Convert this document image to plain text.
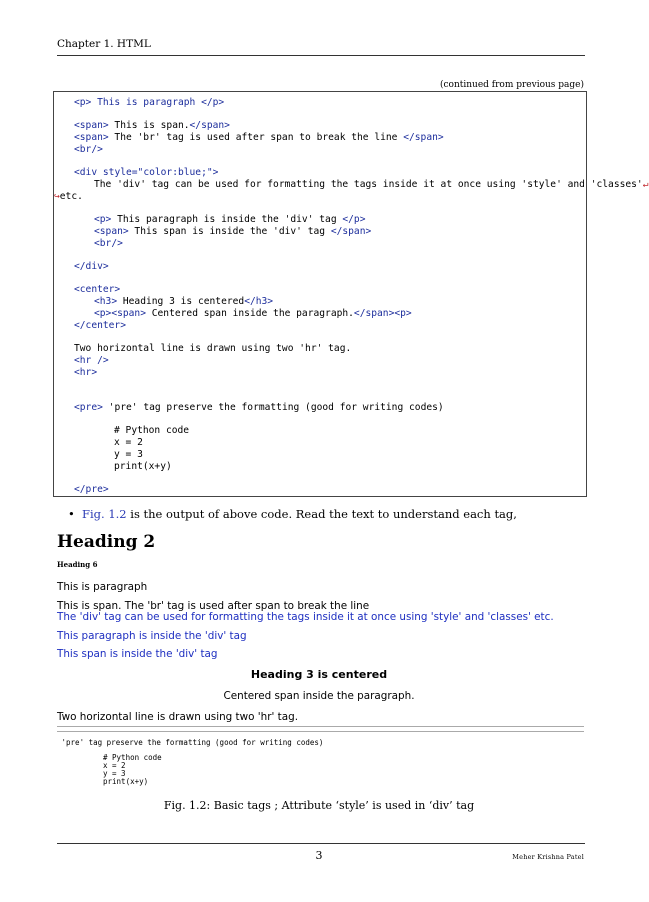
Chapter 1. HTML
(continued from previous page)
<p> This is paragraph </p>
<span> This is span.</span>
<span> The 'br' tag is used after span to break the line </span>
<br/>
<div style="color:blue;">
The 'div' tag can be used for formatting the tags inside it at once using 'style' and 'classes'↵
↪etc.
<p> This paragraph is inside the 'div' tag </p>
<span> This span is inside the 'div' tag </span>
<br/>
</div>
<center>
<h3> Heading 3 is centered</h3>
<p><span> Centered span inside the paragraph.</span><p>
</center>
Two horizontal line is drawn using two 'hr' tag.
<hr />
<hr>
<pre> 'pre' tag preserve the formatting (good for writing codes)
# Python code
x = 2
y = 3
print(x+y)
</pre>
• Fig. 1.2 is the output of above code. Read the text to understand each tag,
Heading 2
Heading 6
This is paragraph
This is span. The 'br' tag is used after span to break the line
The 'div' tag can be used for formatting the tags inside it at once using 'style' and 'classes' etc.
This paragraph is inside the 'div' tag
This span is inside the 'div' tag
Heading 3 is centered
Centered span inside the paragraph.
Two horizontal line is drawn using two 'hr' tag.
'pre' tag preserve the formatting (good for writing codes)
# Python code
x = 2
y = 3
print(x+y)
Fig. 1.2: Basic tags ; Attribute ‘style’ is used in ‘div’ tag
3	Meher Krishna Patel
